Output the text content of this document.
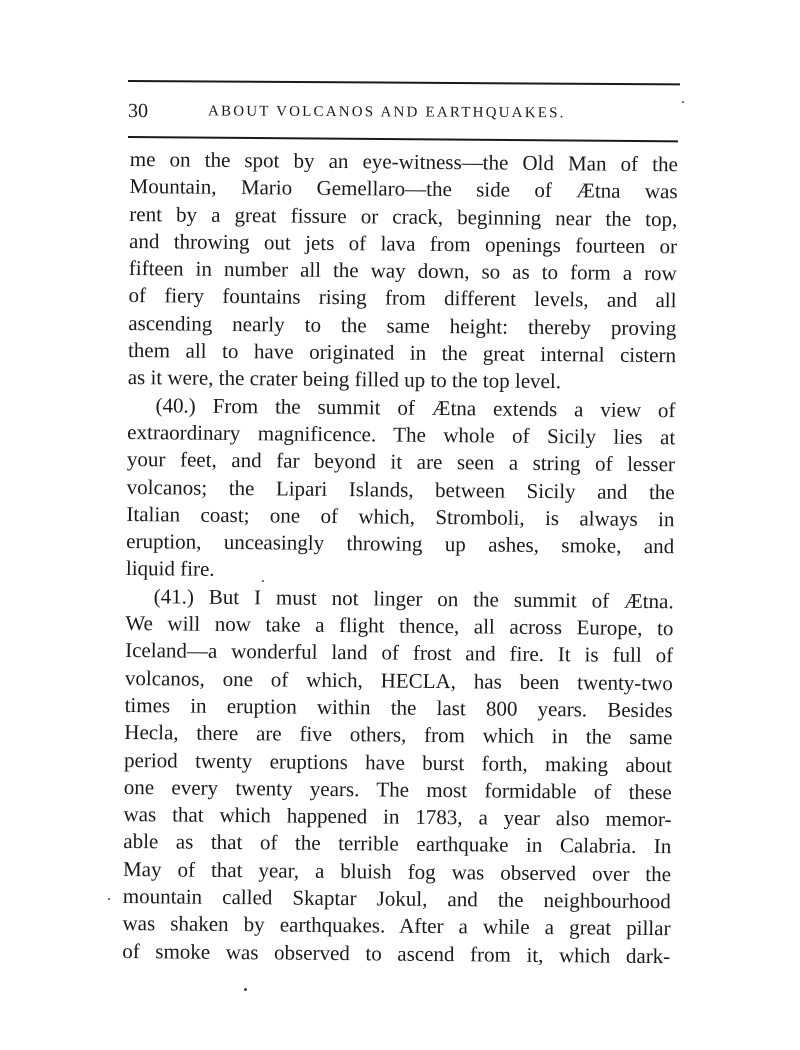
30	ABOUT VOLCANOS AND EARTHQUAKES.
me on the spot by an eye-witness—the Old Man of the
Mountain, Mario Gemellaro—the side of Ætna was
rent by a great fissure or crack, beginning near the top,
and throwing out jets of lava from openings fourteen or
fifteen in number all the way down, so as to form a row
of fiery fountains rising from different levels, and all
ascending nearly to the same height: thereby proving
them all to have originated in the great internal cistern
as it were, the crater being filled up to the top level.
(40.) From the summit of Ætna extends a view of
extraordinary magnificence. The whole of Sicily lies at
your feet, and far beyond it are seen a string of lesser
volcanos; the Lipari Islands, between Sicily and the
Italian coast; one of which, Stromboli, is always in
eruption, unceasingly throwing up ashes, smoke, and
liquid fire.
(41.) But I must not linger on the summit of Ætna.
We will now take a flight thence, all across Europe, to
Iceland—a wonderful land of frost and fire. It is full of
volcanos, one of which, HECLA, has been twenty-two
times in eruption within the last 800 years. Besides
Hecla, there are five others, from which in the same
period twenty eruptions have burst forth, making about
one every twenty years. The most formidable of these
was that which happened in 1783, a year also memor-
able as that of the terrible earthquake in Calabria. In
May of that year, a bluish fog was observed over the
mountain called Skaptar Jokul, and the neighbourhood
was shaken by earthquakes. After a while a great pillar
of smoke was observed to ascend from it, which dark-
